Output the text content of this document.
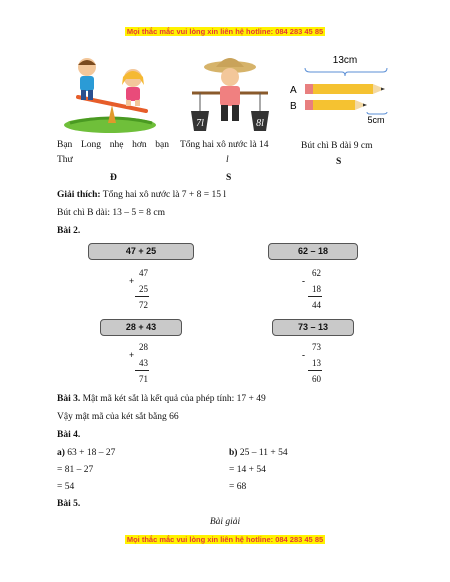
Mọi thắc mắc vui lòng xin liên hệ hotline: 084 283 45 85
Bạn Long nhẹ hơn bạn
Thư
Đ
7l	8l
Tổng hai xô nước là 14
l
S
13cm
A
B
5cm
Bút chì B dài 9 cm
S
Giải thích: Tổng hai xô nước là 7 + 8 = 15 l
Bút chì B dài: 13 – 5 = 8 cm
Bài 2.
47 + 25
+
47
25
72
62 – 18
-
62
18
44
28 + 43
+
28
43
71
73 – 13
-
73
13
60
Bài 3. Mật mã két sắt là kết quả của phép tính: 17 + 49
Vậy mật mã của két sắt bằng 66
Bài 4.
a) 63 + 18 – 27
= 81 – 27
= 54
b) 25 – 11 + 54
= 14 + 54
= 68
Bài 5.
Bài giải
Mọi thắc mắc vui lòng xin liên hệ hotline: 084 283 45 85
